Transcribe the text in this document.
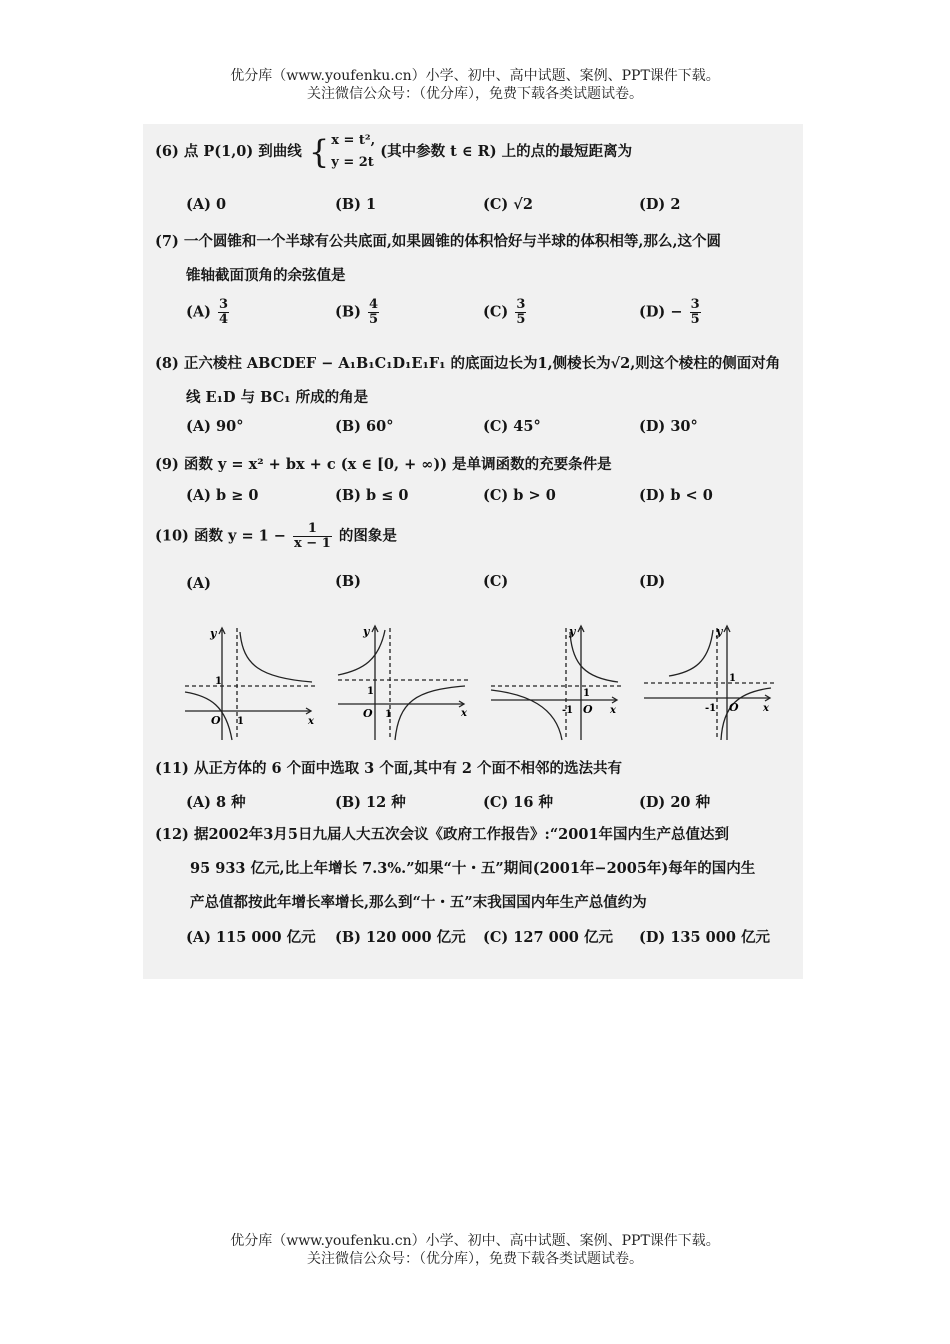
优分库（www.youfenku.cn）小学、初中、高中试题、案例、PPT课件下载。
关注微信公众号：（优分库），免费下载各类试题试卷。
(6) 点 P(1,0) 到曲线 { x = t²,
y = 2t
(其中参数 t ∈ R) 上的点的最短距离为
(A) 0	(B) 1	(C) √2	(D) 2
(7) 一个圆锥和一个半球有公共底面,如果圆锥的体积恰好与半球的体积相等,那么,这个圆
锥轴截面顶角的余弦值是
$(A) \frac{3}{4}$	$(B) \frac{4}{5}$	$(C) \frac{3}{5}$	$(D) - \frac{3}{5}$
(8) 正六棱柱 ABCDEF − A₁B₁C₁D₁E₁F₁ 的底面边长为1,侧棱长为√2,则这个棱柱的侧面对角
线 E₁D 与 BC₁ 所成的角是
(A) 90°	(B) 60°	(C) 45°	(D) 30°
(9) 函数 y = x² + bx + c (x ∈ [0, + ∞)) 是单调函数的充要条件是
(A) b ≥ 0	(B) b ≤ 0	(C) b > 0	(D) b < 0
(10) 函数 $y = 1 - \frac{1}{x - 1}$ 的图象是
(A)	(B)	(C)	(D)
y
x
O
1
1
y
x
O
1
1
y
x
O
1
-1
y
x
O
1
-1
(11) 从正方体的 6 个面中选取 3 个面,其中有 2 个面不相邻的选法共有
(A) 8 种	(B) 12 种	(C) 16 种	(D) 20 种
(12) 据2002年3月5日九届人大五次会议《政府工作报告》:“2001年国内生产总值达到
95 933 亿元,比上年增长 7.3%.”如果“十・五”期间(2001年−2005年)每年的国内生
产总值都按此年增长率增长,那么到“十・五”末我国国内年生产总值约为
(A) 115 000 亿元 (B) 120 000 亿元 (C) 127 000 亿元 (D) 135 000 亿元
优分库（www.youfenku.cn）小学、初中、高中试题、案例、PPT课件下载。
关注微信公众号：（优分库），免费下载各类试题试卷。
